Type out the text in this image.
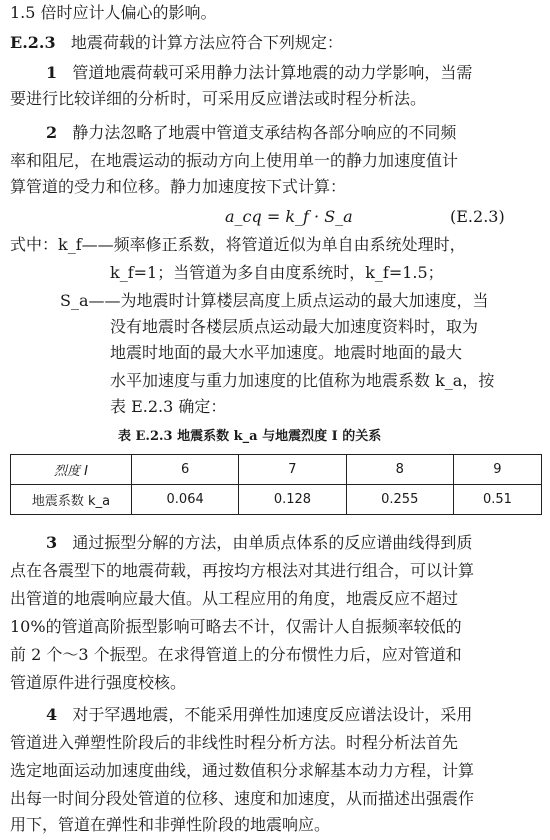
1.5 倍时应计人偏心的影响。
E.2.3 地震荷载的计算方法应符合下列规定：
1 管道地震荷载可采用静力法计算地震的动力学影响，当需
要进行比较详细的分析时，可采用反应谱法或时程分析法。
2 静力法忽略了地震中管道支承结构各部分响应的不同频
率和阻尼，在地震运动的振动方向上使用单一的静力加速度值计
算管道的受力和位移。静力加速度按下式计算：
a_cq = k_f · S_a	(E.2.3)
式中：k_f——频率修正系数，将管道近似为单自由系统处理时，
k_f=1；当管道为多自由度系统时，k_f=1.5；
S_a——为地震时计算楼层高度上质点运动的最大加速度，当
没有地震时各楼层质点运动最大加速度资料时，取为
地震时地面的最大水平加速度。地震时地面的最大
水平加速度与重力加速度的比值称为地震系数 k_a，按
表 E.2.3 确定：
表 E.2.3 地震系数 k_a 与地震烈度 I 的关系
烈度 I	6	7	8	9
地震系数 k_a	0.064	0.128	0.255	0.51
3 通过振型分解的方法，由单质点体系的反应谱曲线得到质
点在各震型下的地震荷载，再按均方根法对其进行组合，可以计算
出管道的地震响应最大值。从工程应用的角度，地震反应不超过
10%的管道高阶振型影响可略去不计，仅需计人自振频率较低的
前 2 个～3 个振型。在求得管道上的分布惯性力后，应对管道和
管道原件进行强度校核。
4 对于罕遇地震，不能采用弹性加速度反应谱法设计，采用
管道进入弹塑性阶段后的非线性时程分析方法。时程分析法首先
选定地面运动加速度曲线，通过数值积分求解基本动力方程，计算
出每一时间分段处管道的位移、速度和加速度，从而描述出强震作
用下，管道在弹性和非弹性阶段的地震响应。
